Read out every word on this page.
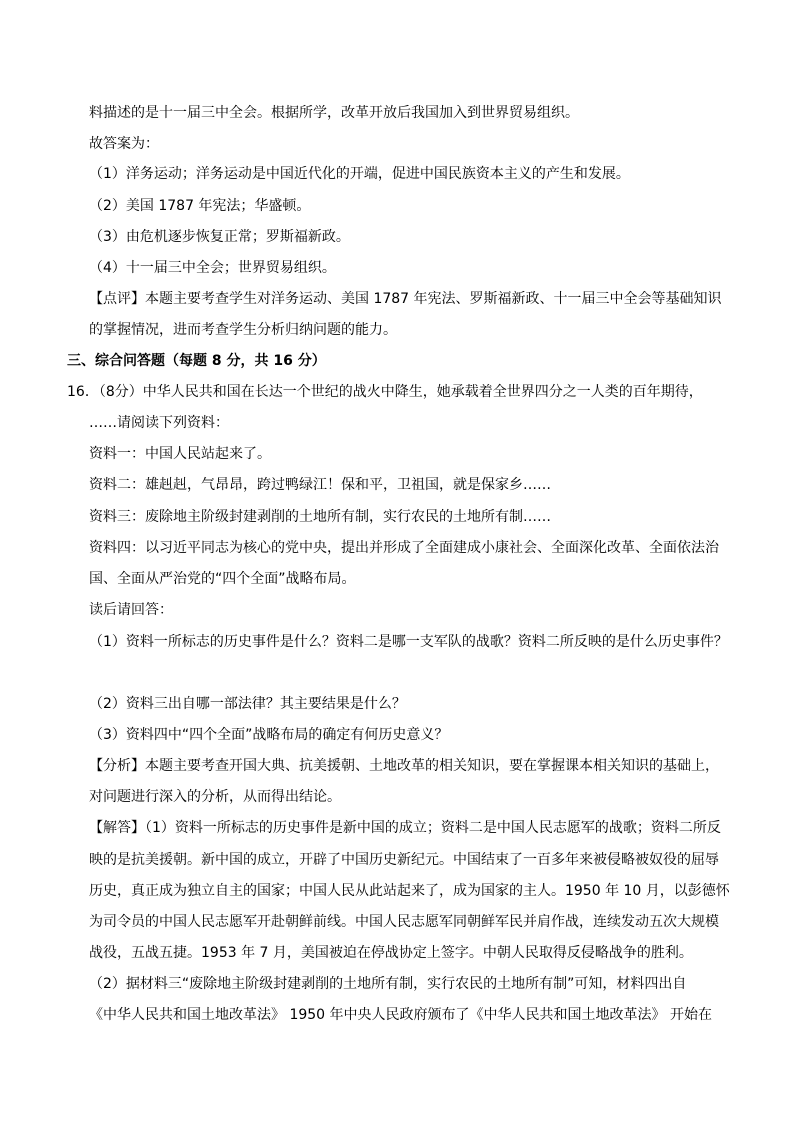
料描述的是十一届三中全会。根据所学，改革开放后我国加入到世界贸易组织。
故答案为：
（1）洋务运动；洋务运动是中国近代化的开端，促进中国民族资本主义的产生和发展。
（2）美国 1787 年宪法；华盛顿。
（3）由危机逐步恢复正常；罗斯福新政。
（4）十一届三中全会；世界贸易组织。
【点评】本题主要考查学生对洋务运动、美国 1787 年宪法、罗斯福新政、十一届三中全会等基础知识
的掌握情况，进而考查学生分析归纳问题的能力。
三、综合问答题（每题 8 分，共 16 分）
16．（8分）中华人民共和国在长达一个世纪的战火中降生，她承载着全世界四分之一人类的百年期待，
……请阅读下列资料：
资料一：中国人民站起来了。
资料二：雄赳赳，气昂昂，跨过鸭绿江！保和平，卫祖国，就是保家乡……
资料三：废除地主阶级封建剥削的土地所有制，实行农民的土地所有制……
资料四：以习近平同志为核心的党中央，提出并形成了全面建成小康社会、全面深化改革、全面依法治
国、全面从严治党的“四个全面”战略布局。
读后请回答：
（1）资料一所标志的历史事件是什么？资料二是哪一支军队的战歌？资料二所反映的是什么历史事件？
（2）资料三出自哪一部法律？其主要结果是什么？
（3）资料四中“四个全面”战略布局的确定有何历史意义？
【分析】本题主要考查开国大典、抗美援朝、土地改革的相关知识，要在掌握课本相关知识的基础上，
对问题进行深入的分析，从而得出结论。
【解答】（1）资料一所标志的历史事件是新中国的成立；资料二是中国人民志愿军的战歌；资料二所反
映的是抗美援朝。新中国的成立，开辟了中国历史新纪元。中国结束了一百多年来被侵略被奴役的屈辱
历史，真正成为独立自主的国家；中国人民从此站起来了，成为国家的主人。1950 年 10 月，以彭德怀
为司令员的中国人民志愿军开赴朝鲜前线。中国人民志愿军同朝鲜军民并肩作战，连续发动五次大规模
战役，五战五捷。1953 年 7 月，美国被迫在停战协定上签字。中朝人民取得反侵略战争的胜利。
（2）据材料三“废除地主阶级封建剥削的土地所有制，实行农民的土地所有制”可知，材料四出自
《中华人民共和国土地改革法》 1950 年中央人民政府颁布了《中华人民共和国土地改革法》 开始在
